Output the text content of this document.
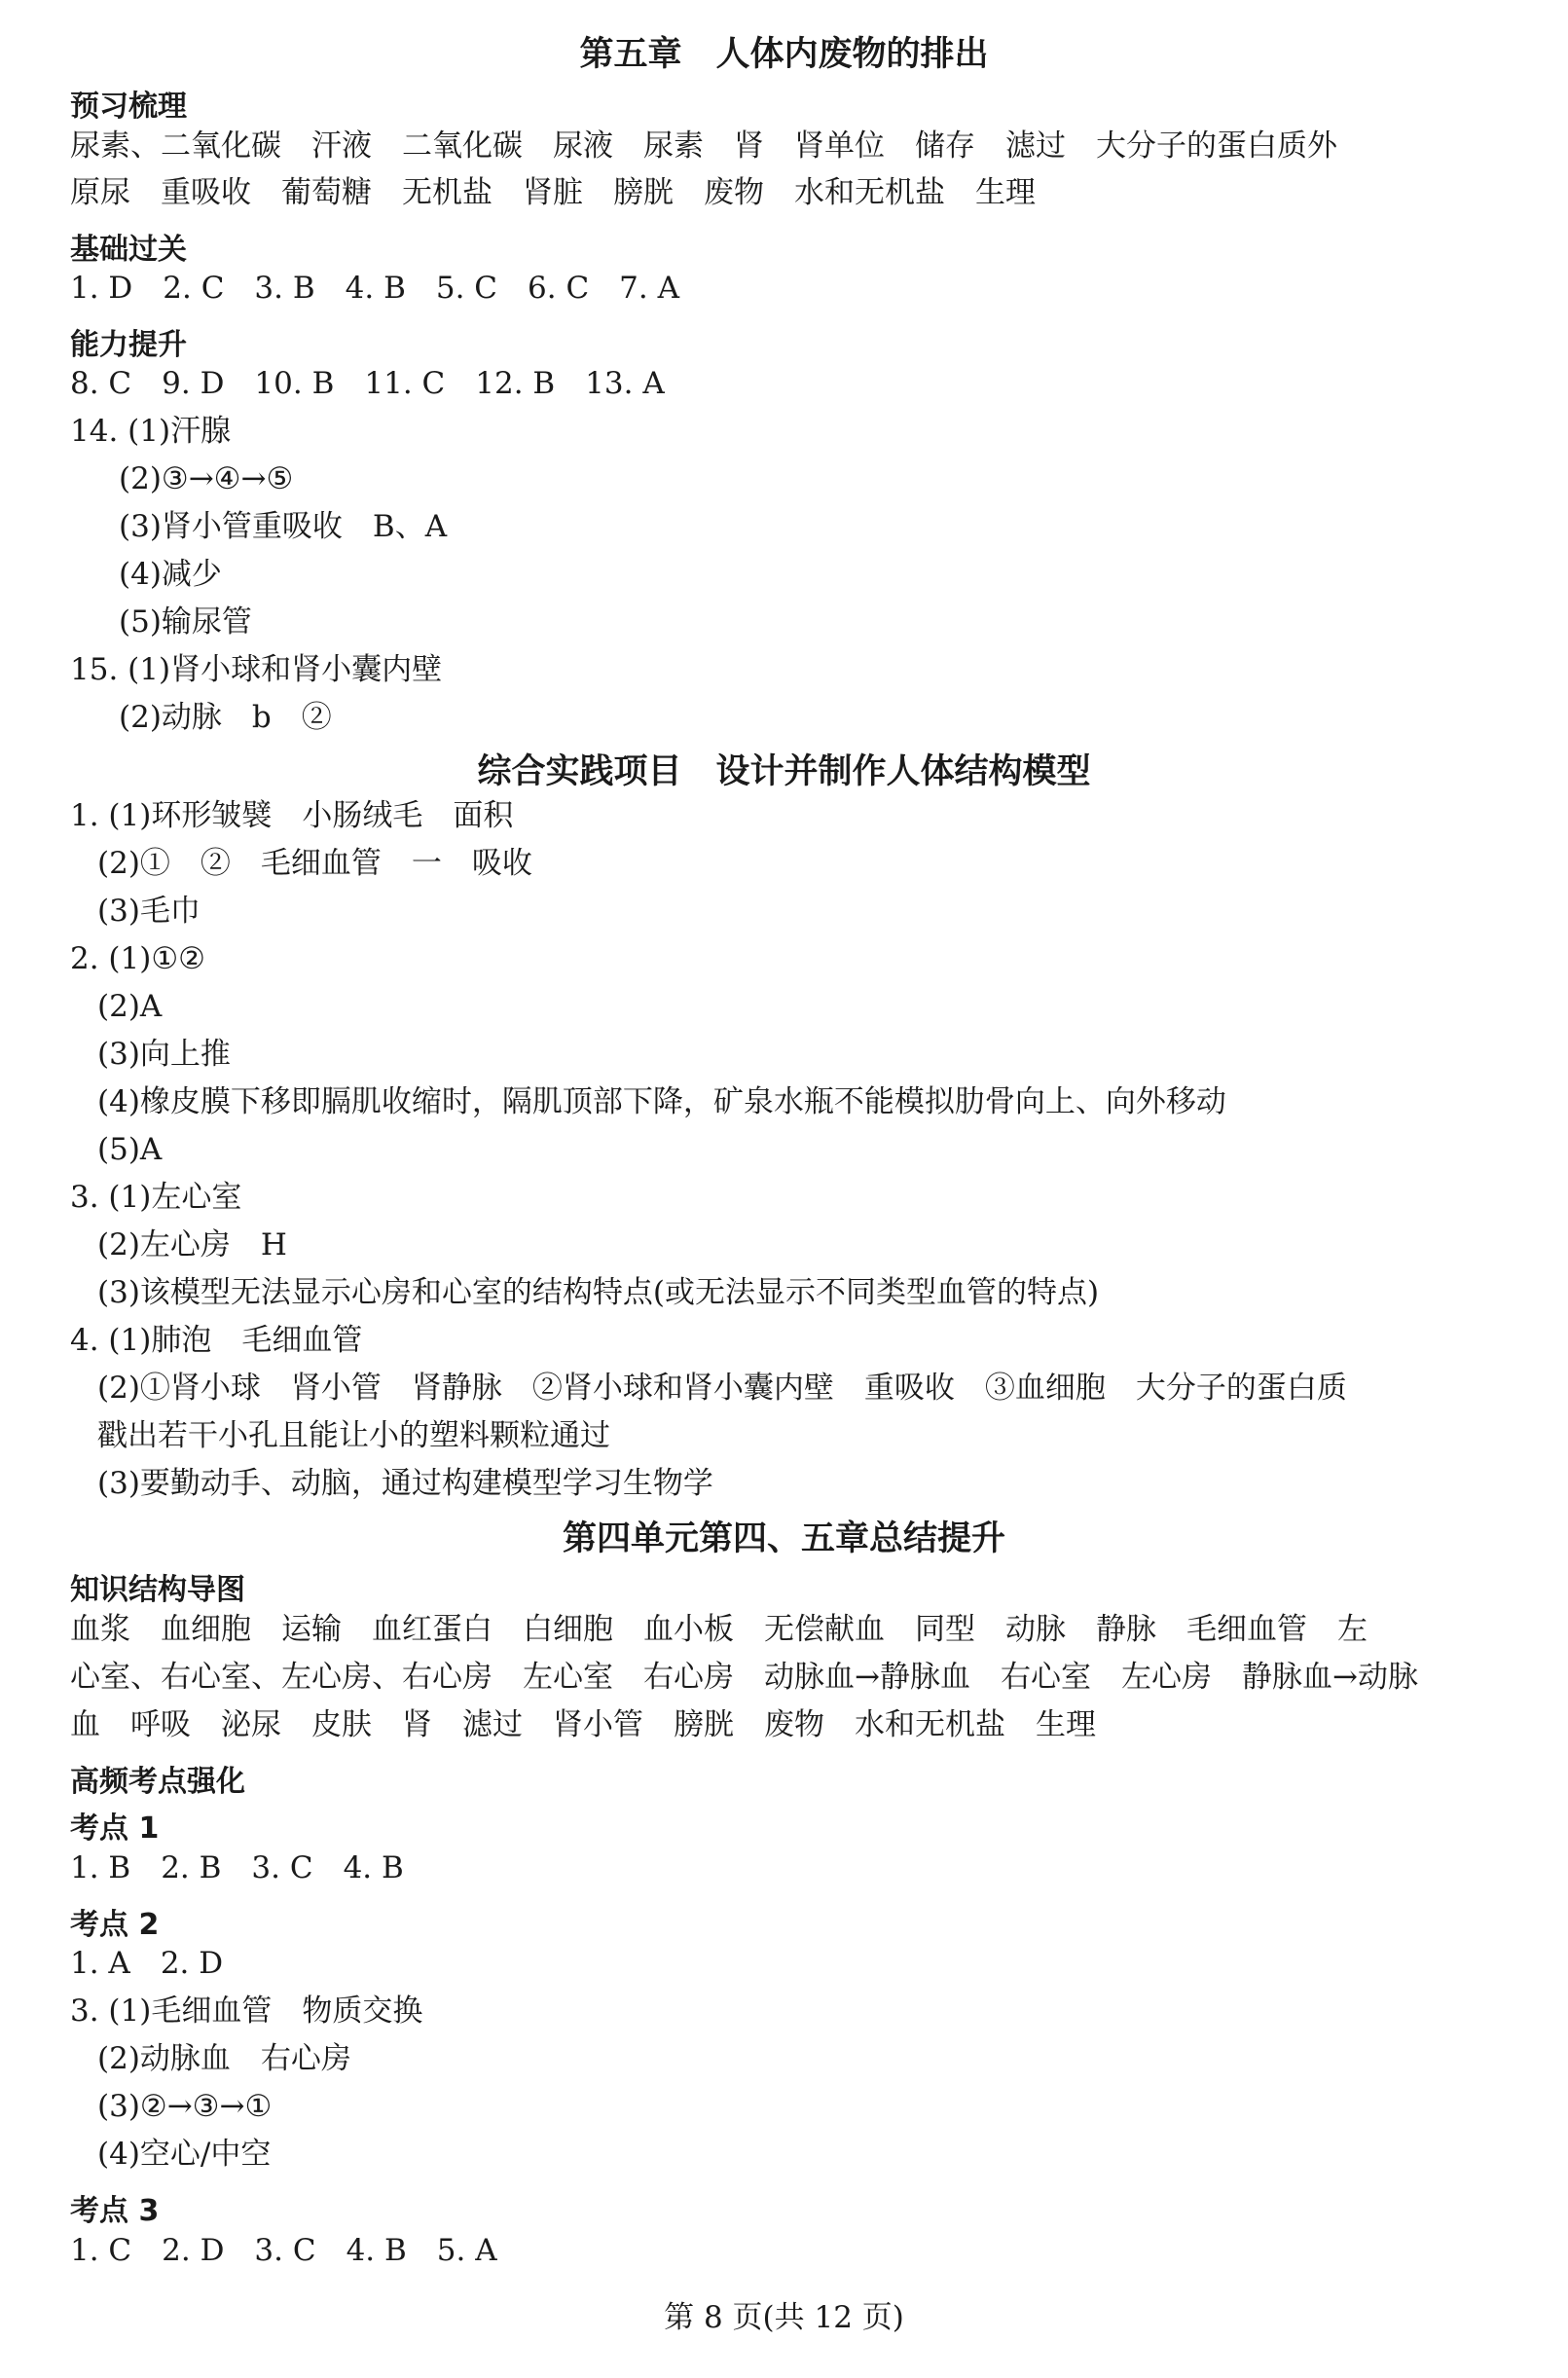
第五章　人体内废物的排出
预习梳理
尿素、二氧化碳　汗液　二氧化碳　尿液　尿素　肾　肾单位　储存　滤过　大分子的蛋白质外
原尿　重吸收　葡萄糖　无机盐　肾脏　膀胱　废物　水和无机盐　生理
基础过关
1. D　2. C　3. B　4. B　5. C　6. C　7. A
能力提升
8. C　9. D　10. B　11. C　12. B　13. A
14. (1)汗腺
(2)③→④→⑤
(3)肾小管重吸收　B、A
(4)减少
(5)输尿管
15. (1)肾小球和肾小囊内壁
(2)动脉　b　②
综合实践项目　设计并制作人体结构模型
1. (1)环形皱襞　小肠绒毛　面积
(2)①　②　毛细血管　一　吸收
(3)毛巾
2. (1)①②
(2)A
(3)向上推
(4)橡皮膜下移即膈肌收缩时，隔肌顶部下降，矿泉水瓶不能模拟肋骨向上、向外移动
(5)A
3. (1)左心室
(2)左心房　H
(3)该模型无法显示心房和心室的结构特点(或无法显示不同类型血管的特点)
4. (1)肺泡　毛细血管
(2)①肾小球　肾小管　肾静脉　②肾小球和肾小囊内壁　重吸收　③血细胞　大分子的蛋白质
戳出若干小孔且能让小的塑料颗粒通过
(3)要勤动手、动脑，通过构建模型学习生物学
第四单元第四、五章总结提升
知识结构导图
血浆　血细胞　运输　血红蛋白　白细胞　血小板　无偿献血　同型　动脉　静脉　毛细血管　左
心室、右心室、左心房、右心房　左心室　右心房　动脉血→静脉血　右心室　左心房　静脉血→动脉
血　呼吸　泌尿　皮肤　肾　滤过　肾小管　膀胱　废物　水和无机盐　生理
高频考点强化
考点 1
1. B　2. B　3. C　4. B
考点 2
1. A　2. D
3. (1)毛细血管　物质交换
(2)动脉血　右心房
(3)②→③→①
(4)空心/中空
考点 3
1. C　2. D　3. C　4. B　5. A
第 8 页(共 12 页)
